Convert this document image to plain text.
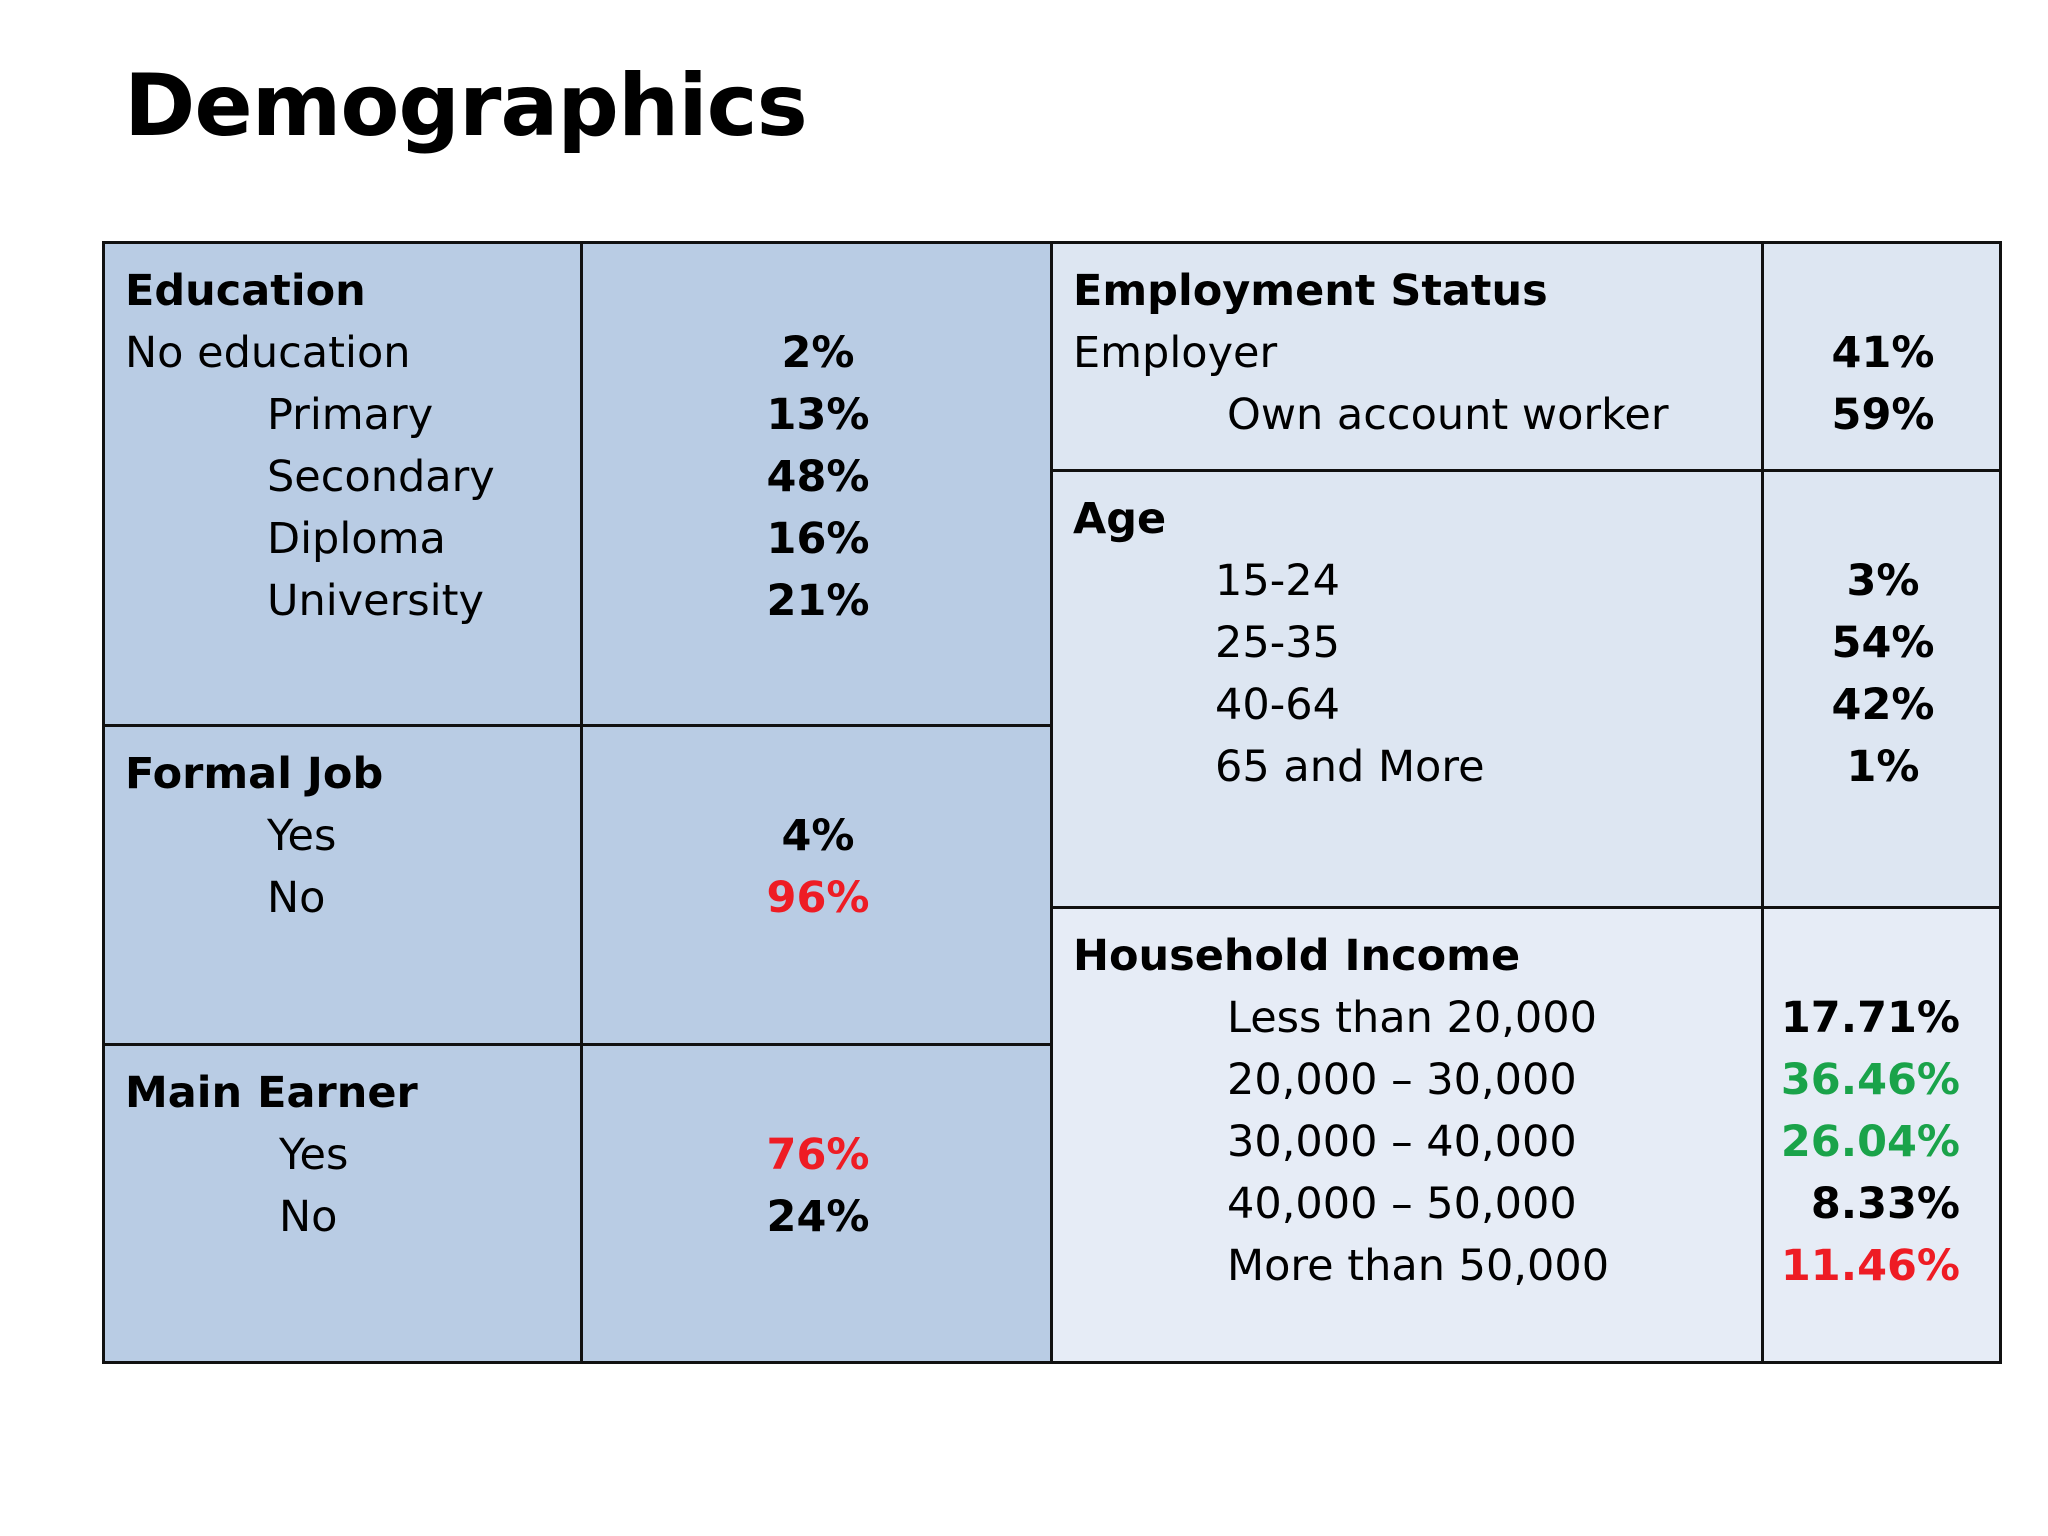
Demographics
Education
No education
Primary
Secondary
Diploma
University
2%
13%
48%
16%
21%
Formal Job
Yes
No
4%
96%
Main Earner
Yes
No
76%
24%
Employment Status
Employer
Own account worker
41%
59%
Age
15-24
25-35
40-64
65 and More
3%
54%
42%
1%
Household Income
Less than 20,000
20,000 – 30,000
30,000 – 40,000
40,000 – 50,000
More than 50,000
17.71%
36.46%
26.04%
8.33%
11.46%
